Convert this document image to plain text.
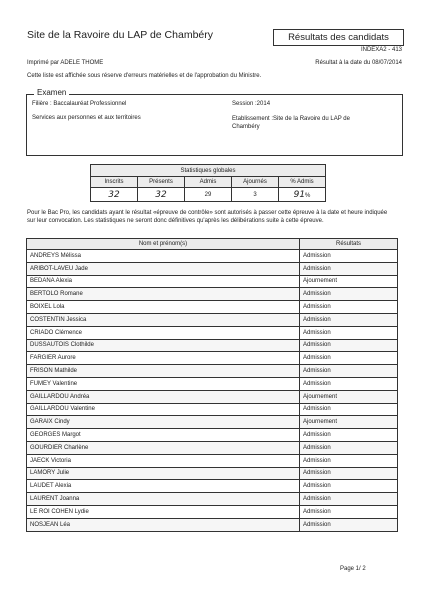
Site de la Ravoire du LAP de Chambéry	Résultats des candidats
INDEXA2 - 413
Imprimé par ADELE THOME	Résultat à la date du 08/07/2014
Cette liste est affichée sous réserve d'erreurs matérielles et de l'approbation du Ministre.
Examen
Filière : Baccalauréat Professionnel
Services aux personnes et aux territoires
Session :2014
Etablissement :Site de la Ravoire du LAP de Chambéry
Statistiques globales				
Inscrits	Présents	Admis	Ajournés	% Admis
32	32	29	3	91%
Pour le Bac Pro, les candidats ayant le résultat «épreuve de contrôle» sont autorisés à passer cette épreuve à la date et heure indiquée sur leur convocation. Les statistiques ne seront donc définitives qu'après les délibérations suite à cette épreuve.
Nom et prénom(s)	Résultats
ANDREYS Mélissa	Admission
ARIBOT-LAVEU Jade	Admission
BEDANA Alexia	Ajournement
BERTOLO Romane	Admission
BOIXEL Lola	Admission
COSTENTIN Jessica	Admission
CRIADO Clémence	Admission
DUSSAUTOIS Clothilde	Admission
FARGIER Aurore	Admission
FRISON Mathilde	Admission
FUMEY Valentine	Admission
GAILLARDOU Andréa	Ajournement
GAILLARDOU Valentine	Admission
GARAIX Cindy	Ajournement
GEORGES Margot	Admission
GOURDIER Charlène	Admission
JAECK Victoria	Admission
LAMORY Julie	Admission
LAUDET Alexia	Admission
LAURENT Joanna	Admission
LE ROI COHEN Lydie	Admission
NOSJEAN Léa	Admission
Page 1/ 2
